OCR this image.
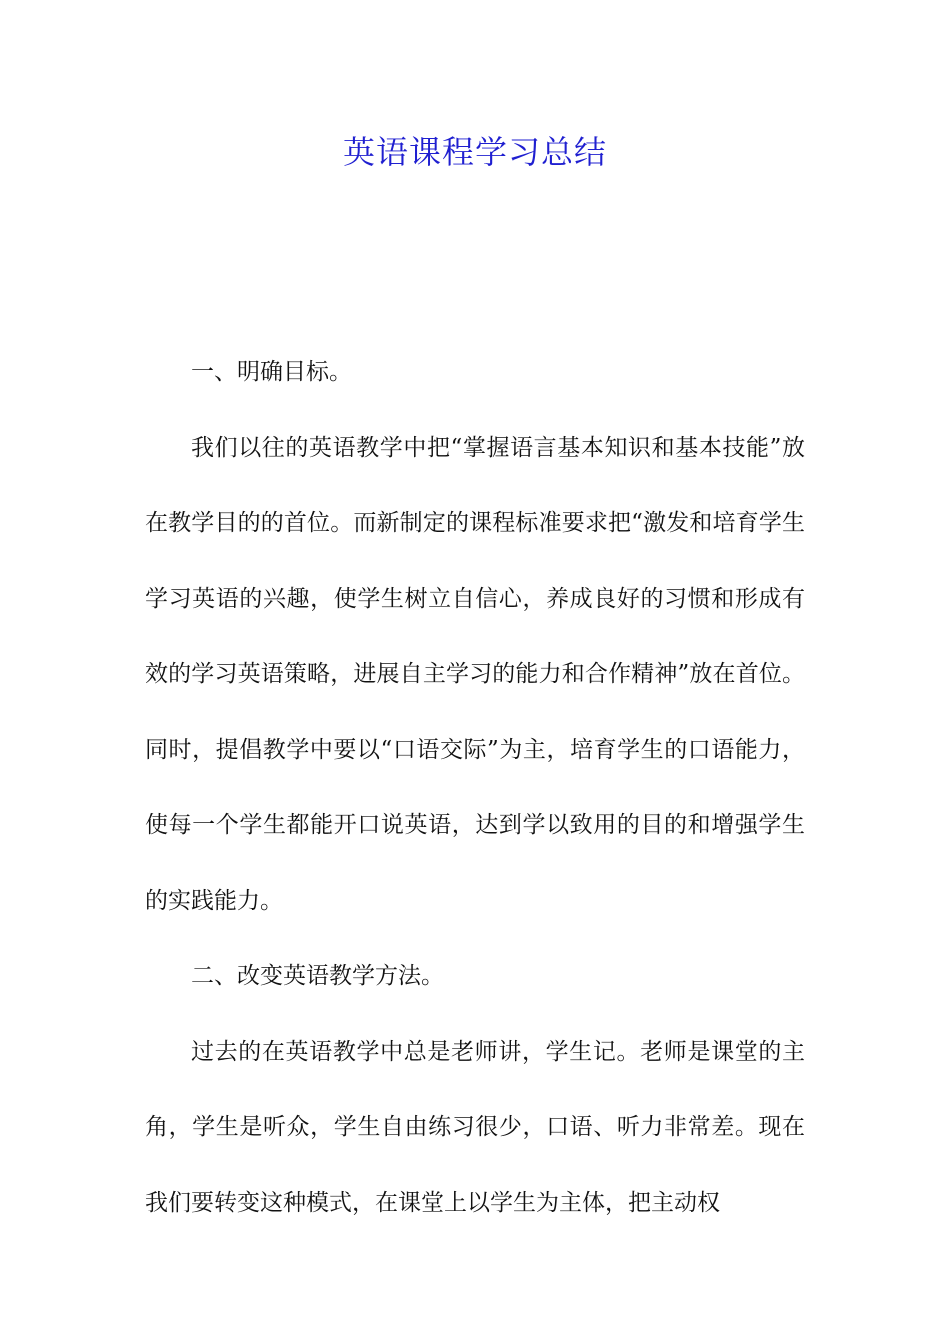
英语课程学习总结

一、明确目标。

我们以往的英语教学中把“掌握语言基本知识和基本技能”放在教学目的的首位。而新制定的课程标准要求把“激发和培育学生学习英语的兴趣，使学生树立自信心，养成良好的习惯和形成有效的学习英语策略，进展自主学习的能力和合作精神”放在首位。同时，提倡教学中要以“口语交际”为主，培育学生的口语能力，使每一个学生都能开口说英语，达到学以致用的目的和增强学生的实践能力。

二、改变英语教学方法。

过去的在英语教学中总是老师讲，学生记。老师是课堂的主角，学生是听众，学生自由练习很少，口语、听力非常差。现在我们要转变这种模式，在课堂上以学生为主体，把主动权
